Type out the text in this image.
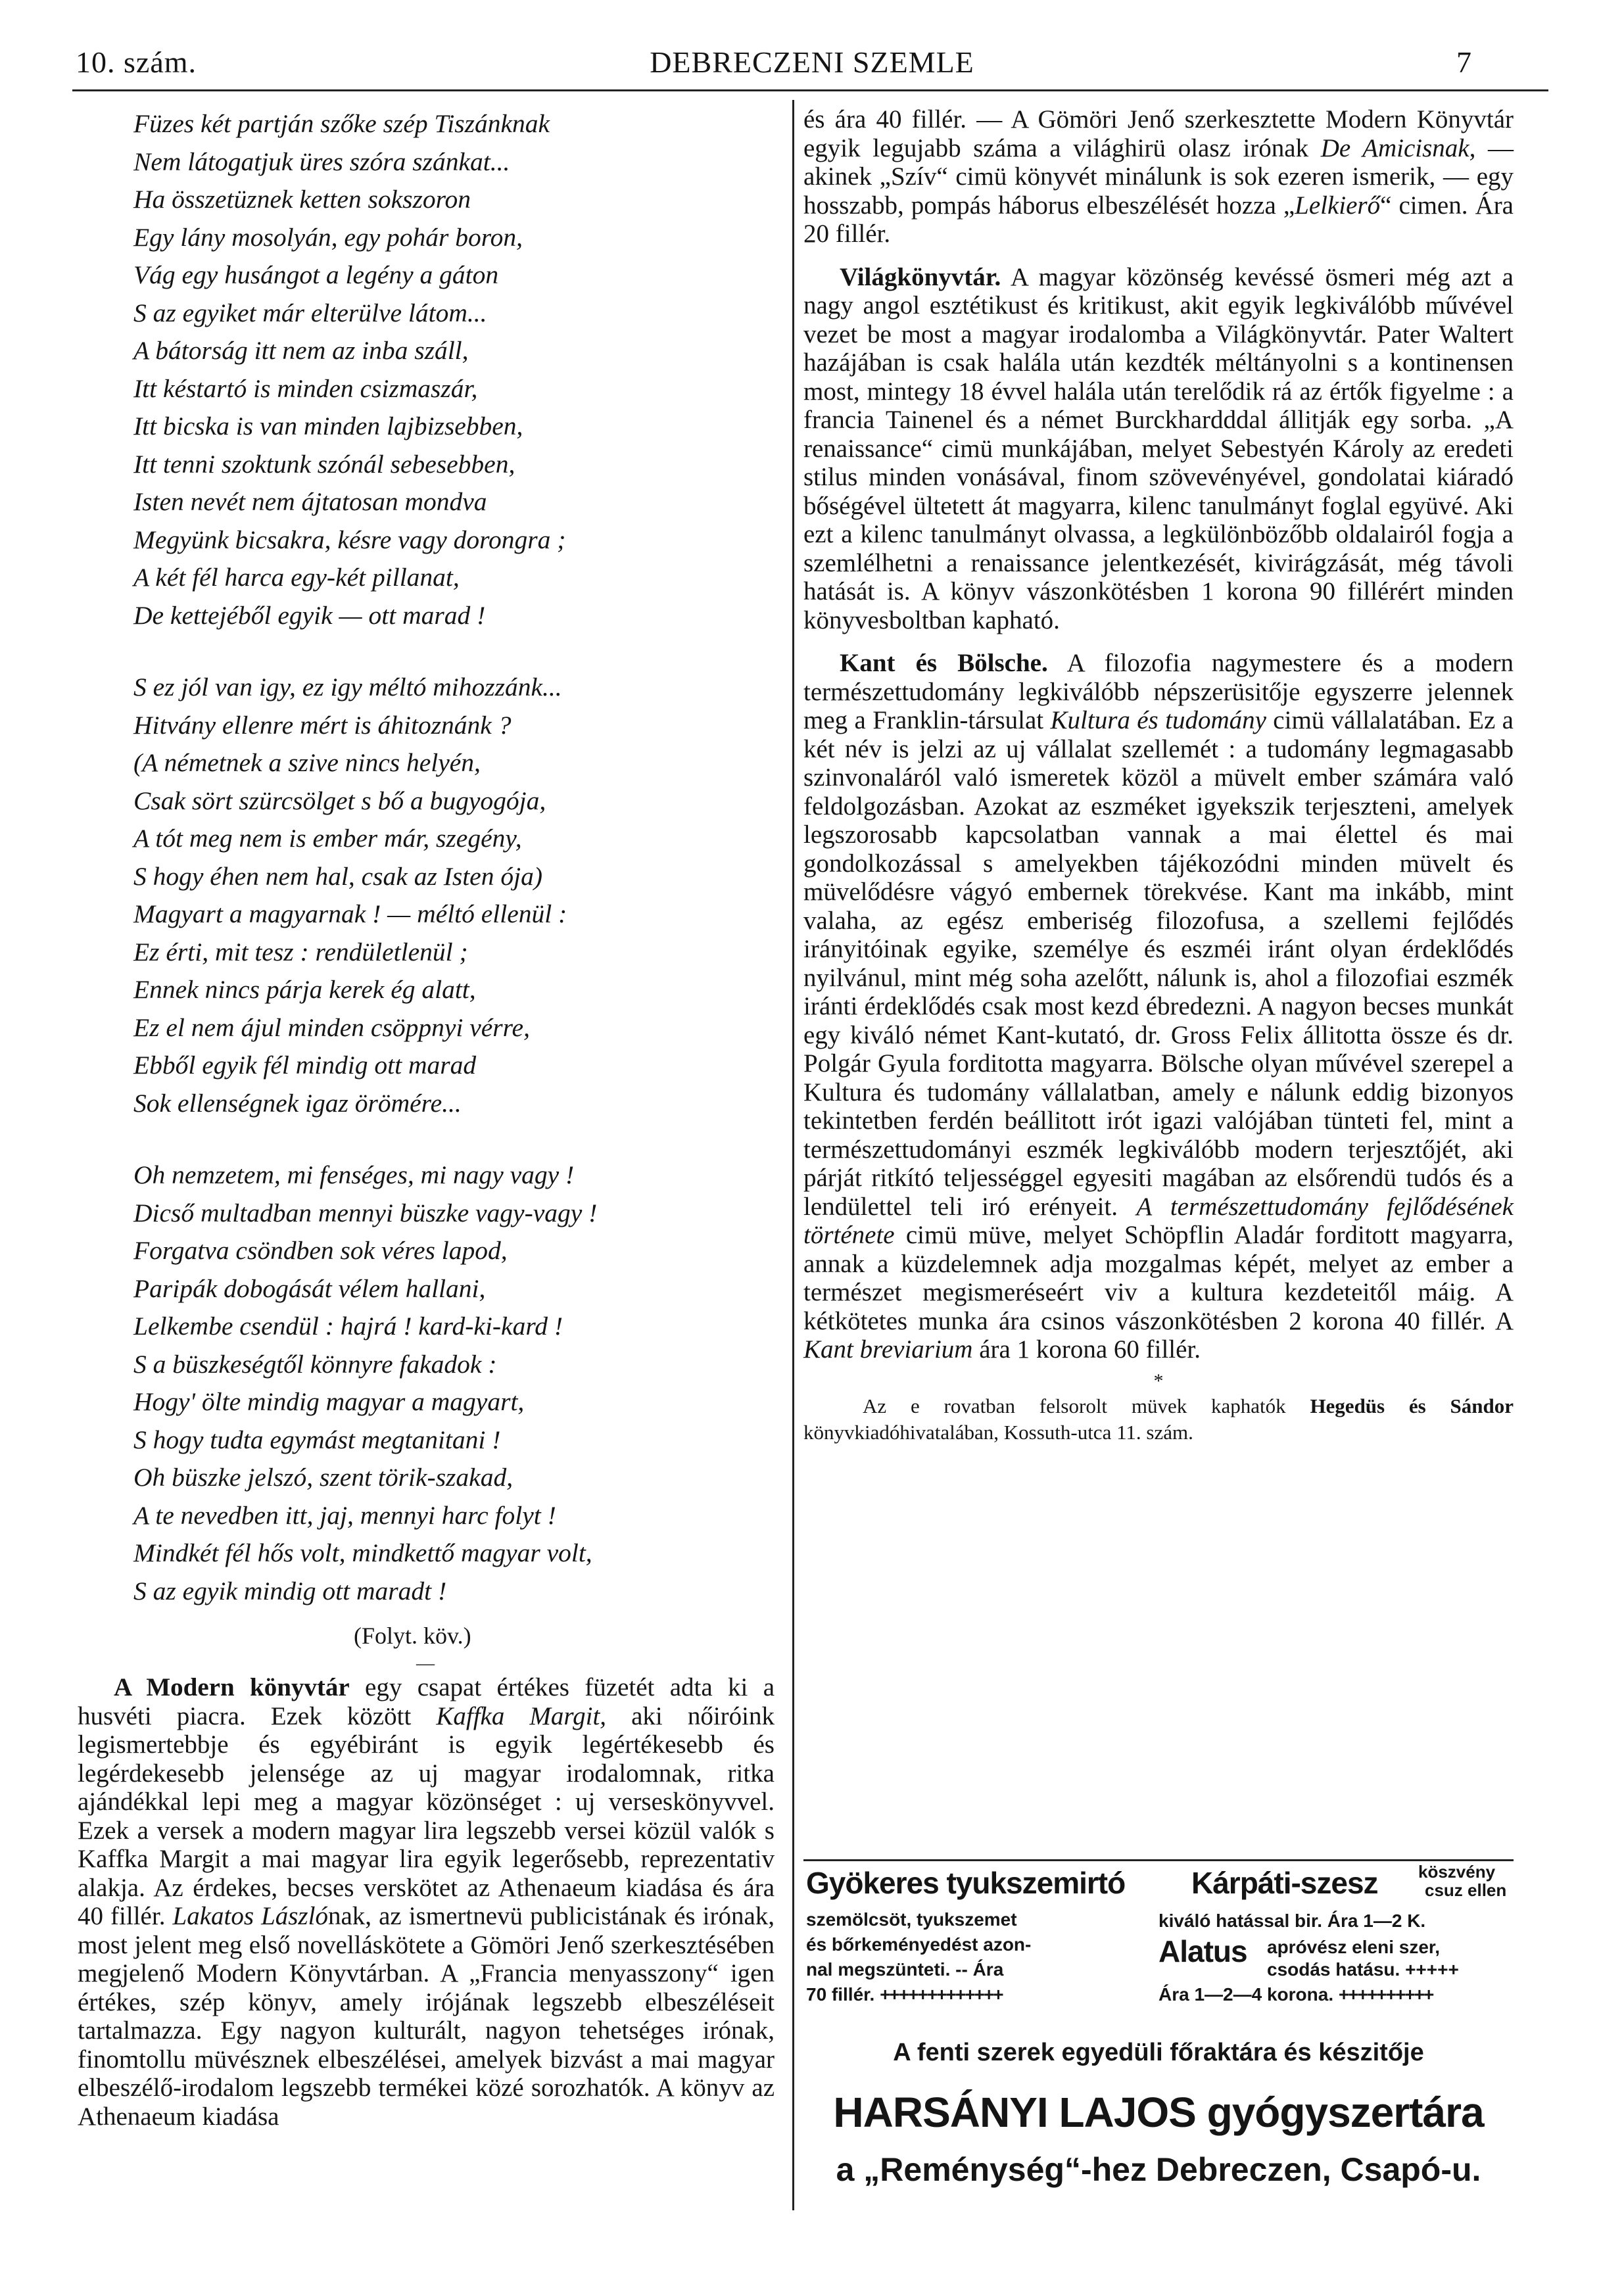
10. szám.	DEBRECZENI SZEMLE	7

Füzes két partján szőke szép Tiszánknak

Nem látogatjuk üres szóra szánkat...

Ha összetüznek ketten sokszoron

Egy lány mosolyán, egy pohár boron,

Vág egy husángot a legény a gáton

S az egyiket már elterülve látom...

A bátorság itt nem az inba száll,

Itt késtartó is minden csizmaszár,

Itt bicska is van minden lajbizsebben,

Itt tenni szoktunk szónál sebesebben,

Isten nevét nem ájtatosan mondva

Megyünk bicsakra, késre vagy dorongra ;

A két fél harca egy-két pillanat,

De kettejéből egyik — ott marad !

S ez jól van igy, ez igy méltó mihozzánk...

Hitvány ellenre mért is áhitoznánk ?

(A németnek a szive nincs helyén,

Csak sört szürcsölget s bő a bugyogója,

A tót meg nem is ember már, szegény,

S hogy éhen nem hal, csak az Isten ója)

Magyart a magyarnak ! — méltó ellenül :

Ez érti, mit tesz : rendületlenül ;

Ennek nincs párja kerek ég alatt,

Ez el nem ájul minden csöppnyi vérre,

Ebből egyik fél mindig ott marad

Sok ellenségnek igaz örömére...

Oh nemzetem, mi fenséges, mi nagy vagy !

Dicső multadban mennyi büszke vagy-vagy !

Forgatva csöndben sok véres lapod,

Paripák dobogását vélem hallani,

Lelkembe csendül : hajrá ! kard-ki-kard !

S a büszkeségtől könnyre fakadok :

Hogy' ölte mindig magyar a magyart,

S hogy tudta egymást megtanitani !

Oh büszke jelszó, szent törik-szakad,

A te nevedben itt, jaj, mennyi harc folyt !

Mindkét fél hős volt, mindkettő magyar volt,

S az egyik mindig ott maradt !

(Folyt. köv.)
—

A Modern könyvtár egy csapat értékes füzetét adta ki a husvéti piacra. Ezek között Kaffka Margit, aki nőiróink legismertebbje és egyébiránt is egyik legértékesebb és legérdekesebb jelensége az uj magyar irodalomnak, ritka ajándékkal lepi meg a magyar közönséget : uj verseskönyvvel. Ezek a versek a modern magyar lira legszebb versei közül valók s Kaffka Margit a mai magyar lira egyik legerősebb, reprezentativ alakja. Az érdekes, becses verskötet az Athenaeum kiadása és ára 40 fillér. Lakatos Lászlónak, az ismertnevü publicistának és irónak, most jelent meg első novelláskötete a Gömöri Jenő szerkesztésében megjelenő Modern Könyvtárban. A „Francia menyasszony“ igen értékes, szép könyv, amely irójának legszebb elbeszéléseit tartalmazza. Egy nagyon kulturált, nagyon tehetséges irónak, finomtollu müvésznek elbeszélései, amelyek bizvást a mai magyar elbeszélő-irodalom legszebb termékei közé sorozhatók. A könyv az Athenaeum kiadása

és ára 40 fillér. — A Gömöri Jenő szerkesztette Modern Könyvtár egyik legujabb száma a világhirü olasz irónak De Amicisnak, — akinek „Szív“ cimü könyvét minálunk is sok ezeren ismerik, — egy hosszabb, pompás háborus elbeszélését hozza „Lelkierő“ cimen. Ára 20 fillér.

Világkönyvtár. A magyar közönség kevéssé ösmeri még azt a nagy angol esztétikust és kritikust, akit egyik legkiválóbb művével vezet be most a magyar irodalomba a Világkönyvtár. Pater Waltert hazájában is csak halála után kezdték méltányolni s a kontinensen most, mintegy 18 évvel halála után terelődik rá az értők figyelme : a francia Tainenel és a német Burckhardddal állitják egy sorba. „A renaissance“ cimü munkájában, melyet Sebestyén Károly az eredeti stilus minden vonásával, finom szövevényével, gondolatai kiáradó bőségével ültetett át magyarra, kilenc tanulmányt foglal együvé. Aki ezt a kilenc tanulmányt olvassa, a legkülönbözőbb oldalairól fogja a szemlélhetni a renaissance jelentkezését, kivirágzását, még távoli hatását is. A könyv vászonkötésben 1 korona 90 fillérért minden könyvesboltban kapható.

Kant és Bölsche. A filozofia nagymestere és a modern természettudomány legkiválóbb népszerüsitője egyszerre jelennek meg a Franklin-társulat Kultura és tudomány cimü vállalatában. Ez a két név is jelzi az uj vállalat szellemét : a tudomány legmagasabb szinvonaláról való ismeretek közöl a müvelt ember számára való feldolgozásban. Azokat az eszméket igyekszik terjeszteni, amelyek legszorosabb kapcsolatban vannak a mai élettel és mai gondolkozással s amelyekben tájékozódni minden müvelt és müvelődésre vágyó embernek törekvése. Kant ma inkább, mint valaha, az egész emberiség filozofusa, a szellemi fejlődés irányitóinak egyike, személye és eszméi iránt olyan érdeklődés nyilvánul, mint még soha azelőtt, nálunk is, ahol a filozofiai eszmék iránti érdeklődés csak most kezd ébredezni. A nagyon becses munkát egy kiváló német Kant-kutató, dr. Gross Felix állitotta össze és dr. Polgár Gyula forditotta magyarra. Bölsche olyan művével szerepel a Kultura és tudomány vállalatban, amely e nálunk eddig bizonyos tekintetben ferdén beállitott irót igazi valójában tünteti fel, mint a természettudományi eszmék legkiválóbb modern terjesztőjét, aki párját ritkító teljességgel egyesiti magában az elsőrendü tudós és a lendülettel teli iró erényeit. A természettudomány fejlődésének története cimü müve, melyet Schöpflin Aladár forditott magyarra, annak a küzdelemnek adja mozgalmas képét, melyet az ember a természet megismeréseért viv a kultura kezdeteitől máig. A kétkötetes munka ára csinos vászonkötésben 2 korona 40 fillér. A Kant breviarium ára 1 korona 60 fillér.

*

Az e rovatban felsorolt müvek kaphatók Hegedüs és Sándor könyvkiadóhivatalában, Kossuth-utca 11. szám.

Gyökeres tyukszemirtó
szemölcsöt, tyukszemet
és bőrkeményedést azon-
nal megszünteti. -- Ára
70 fillér. +++++++++++++
Kárpáti-szesz köszvény
csuz ellen
kiváló hatással bir. Ára 1—2 K.
Alatus apróvész eleni szer,
csodás hatásu. +++++
Ára 1—2—4 korona. ++++++++++
A fenti szerek egyedüli főraktára és készitője
HARSÁNYI LAJOS gyógyszertára
a „Reménység“-hez Debreczen, Csapó-u.
